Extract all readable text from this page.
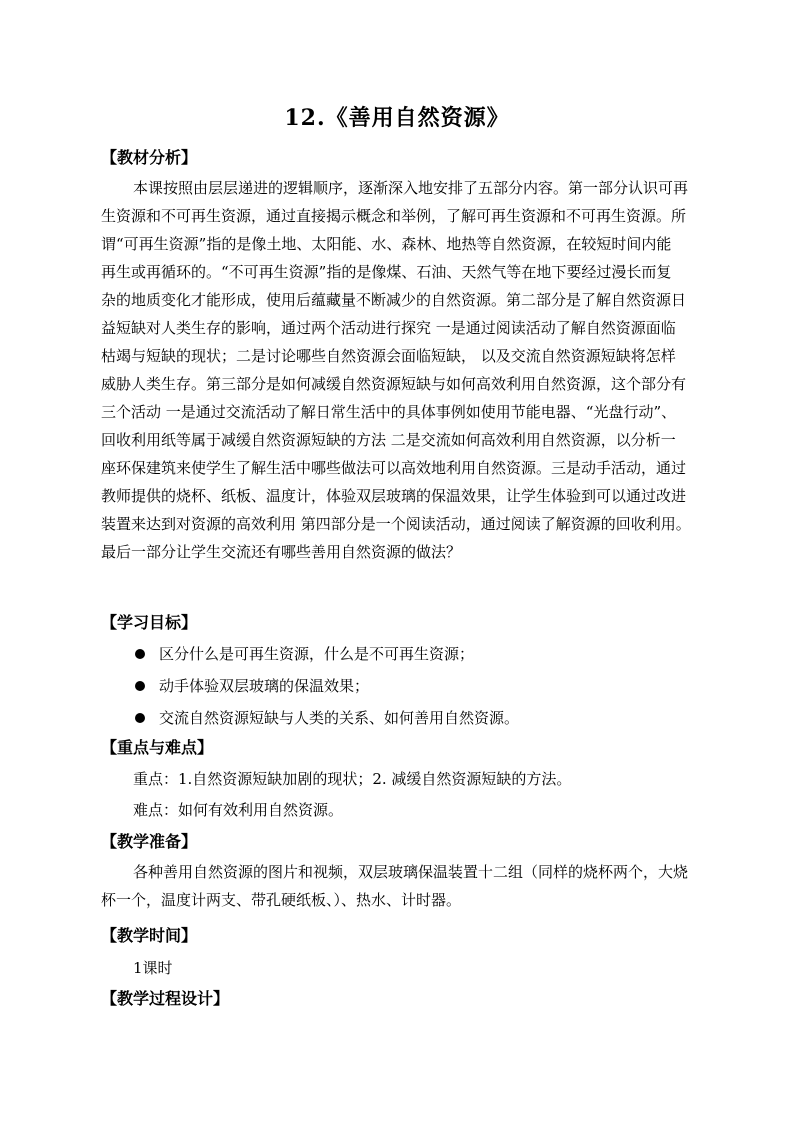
12.《善用自然资源》
【教材分析】
本课按照由层层递进的逻辑顺序，逐渐深入地安排了五部分内容。第一部分认识可再
生资源和不可再生资源，通过直接揭示概念和举例，了解可再生资源和不可再生资源。所
谓“可再生资源”指的是像土地、太阳能、水、森林、地热等自然资源，在较短时间内能
再生或再循环的。“不可再生资源”指的是像煤、石油、天然气等在地下要经过漫长而复
杂的地质变化才能形成，使用后蕴藏量不断减少的自然资源。第二部分是了解自然资源日
益短缺对人类生存的影响，通过两个活动进行探究 一是通过阅读活动了解自然资源面临
枯竭与短缺的现状；二是讨论哪些自然资源会面临短缺， 以及交流自然资源短缺将怎样
威胁人类生存。第三部分是如何减缓自然资源短缺与如何高效利用自然资源，这个部分有
三个活动 一是通过交流活动了解日常生活中的具体事例如使用节能电器、“光盘行动”、
回收利用纸等属于减缓自然资源短缺的方法 二是交流如何高效利用自然资源，以分析一
座环保建筑来使学生了解生活中哪些做法可以高效地利用自然资源。三是动手活动，通过
教师提供的烧杯、纸板、温度计，体验双层玻璃的保温效果，让学生体验到可以通过改进
装置来达到对资源的高效利用 第四部分是一个阅读活动，通过阅读了解资源的回收利用。
最后一部分让学生交流还有哪些善用自然资源的做法？
【学习目标】
区分什么是可再生资源，什么是不可再生资源；
动手体验双层玻璃的保温效果；
交流自然资源短缺与人类的关系、如何善用自然资源。
【重点与难点】
重点：1.自然资源短缺加剧的现状；2. 减缓自然资源短缺的方法。
难点：如何有效利用自然资源。
【教学准备】
各种善用自然资源的图片和视频，双层玻璃保温装置十二组（同样的烧杯两个，大烧
杯一个，温度计两支、带孔硬纸板、）、热水、计时器。
【教学时间】
1课时
【教学过程设计】
